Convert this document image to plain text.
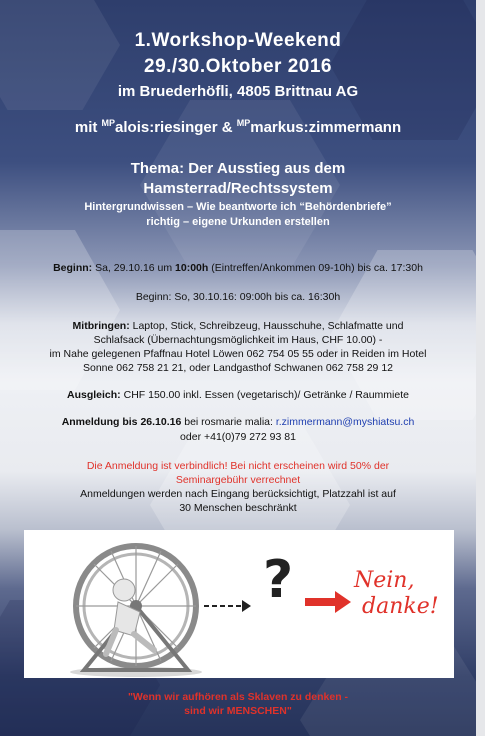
1.Workshop-Weekend
29./30.Oktober 2016
im Bruederhöfli, 4805 Brittnau AG
mit $^{MP}$alois:riesinger & $^{MP}$markus:zimmermann
Thema: Der Ausstieg aus dem
Hamsterrad/Rechtssystem
Hintergrundwissen – Wie beantworte ich “Behördenbriefe”
richtig – eigene Urkunden erstellen
Beginn: Sa, 29.10.16 um 10:00h (Eintreffen/Ankommen 09-10h) bis ca. 17:30h
Beginn: So, 30.10.16: 09:00h bis ca. 16:30h
Mitbringen: Laptop, Stick, Schreibzeug, Hausschuhe, Schlafmatte und
Schlafsack (Übernachtungsmöglichkeit im Haus, CHF 10.00) -
im Nahe gelegenen Pfaffnau Hotel Löwen 062 754 05 55 oder in Reiden im Hotel
Sonne 062 758 21 21, oder Landgasthof Schwanen 062 758 29 12
Ausgleich: CHF 150.00 inkl. Essen (vegetarisch)/ Getränke / Raummiete
Anmeldung bis 26.10.16 bei rosmarie malia: r.zimmermann@myshiatsu.ch
oder +41(0)79 272 93 81
Die Anmeldung ist verbindlich! Bei nicht erscheinen wird 50% der
Seminargebühr verrechnet
Anmeldungen werden nach Eingang berücksichtigt, Platzzahl ist auf
30 Menschen beschränkt
?	Nein,
danke!
"Wenn wir aufhören als Sklaven zu denken -
sind wir MENSCHEN"
